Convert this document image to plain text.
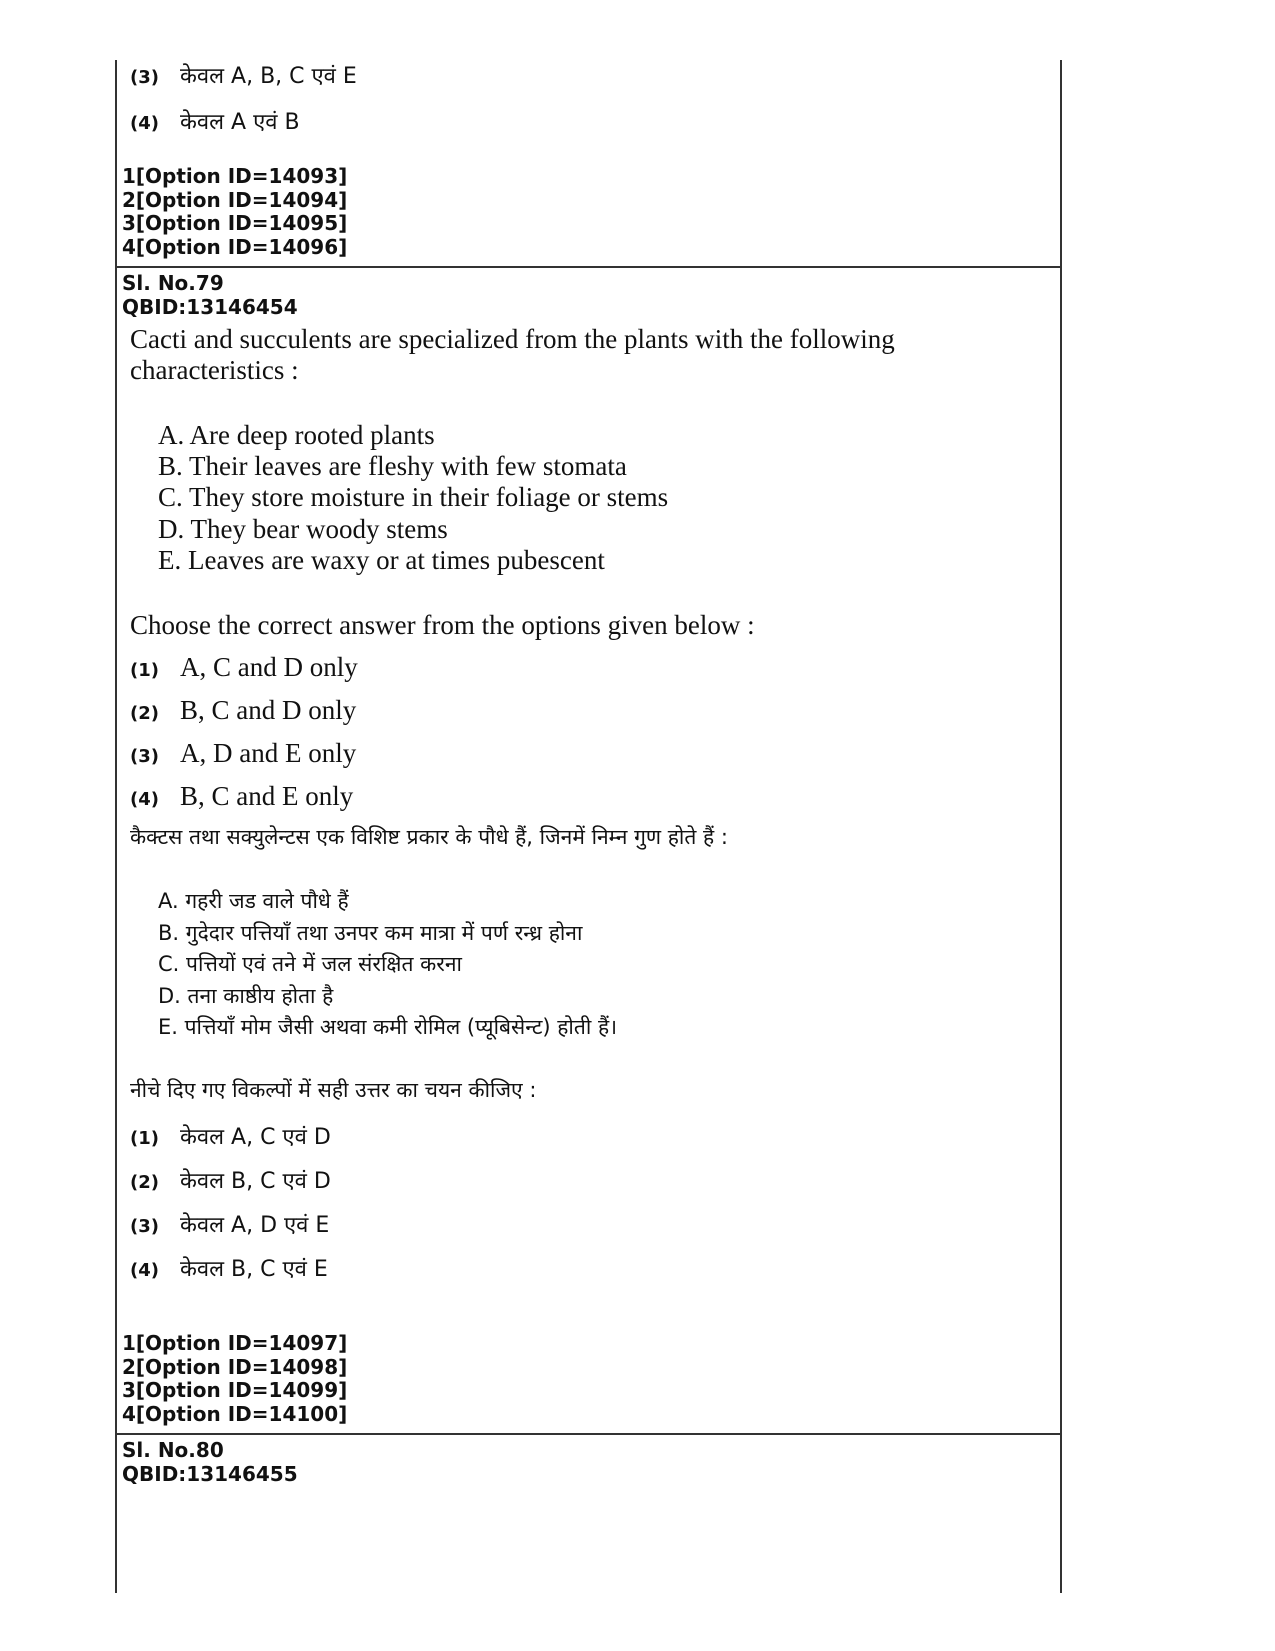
(3) केवल A, B, C एवं E
(4) केवल A एवं B
1[Option ID=14093]
2[Option ID=14094]
3[Option ID=14095]
4[Option ID=14096]
Sl. No.79
QBID:13146454
Cacti and succulents are specialized from the plants with the following
characteristics :
A. Are deep rooted plants
B. Their leaves are fleshy with few stomata
C. They store moisture in their foliage or stems
D. They bear woody stems
E. Leaves are waxy or at times pubescent
Choose the correct answer from the options given below :
(1) A, C and D only
(2) B, C and D only
(3) A, D and E only
(4) B, C and E only
कैक्टस तथा सक्युलेन्टस एक विशिष्ट प्रकार के पौधे हैं, जिनमें निम्न गुण होते हैं :
A. गहरी जड वाले पौधे हैं
B. गुदेदार पत्तियाँ तथा उनपर कम मात्रा में पर्ण रन्ध्र होना
C. पत्तियों एवं तने में जल संरक्षित करना
D. तना काष्ठीय होता है
E. पत्तियाँ मोम जैसी अथवा कमी रोमिल (प्यूबिसेन्ट) होती हैं।
नीचे दिए गए विकल्पों में सही उत्तर का चयन कीजिए :
(1) केवल A, C एवं D
(2) केवल B, C एवं D
(3) केवल A, D एवं E
(4) केवल B, C एवं E
1[Option ID=14097]
2[Option ID=14098]
3[Option ID=14099]
4[Option ID=14100]
Sl. No.80
QBID:13146455
